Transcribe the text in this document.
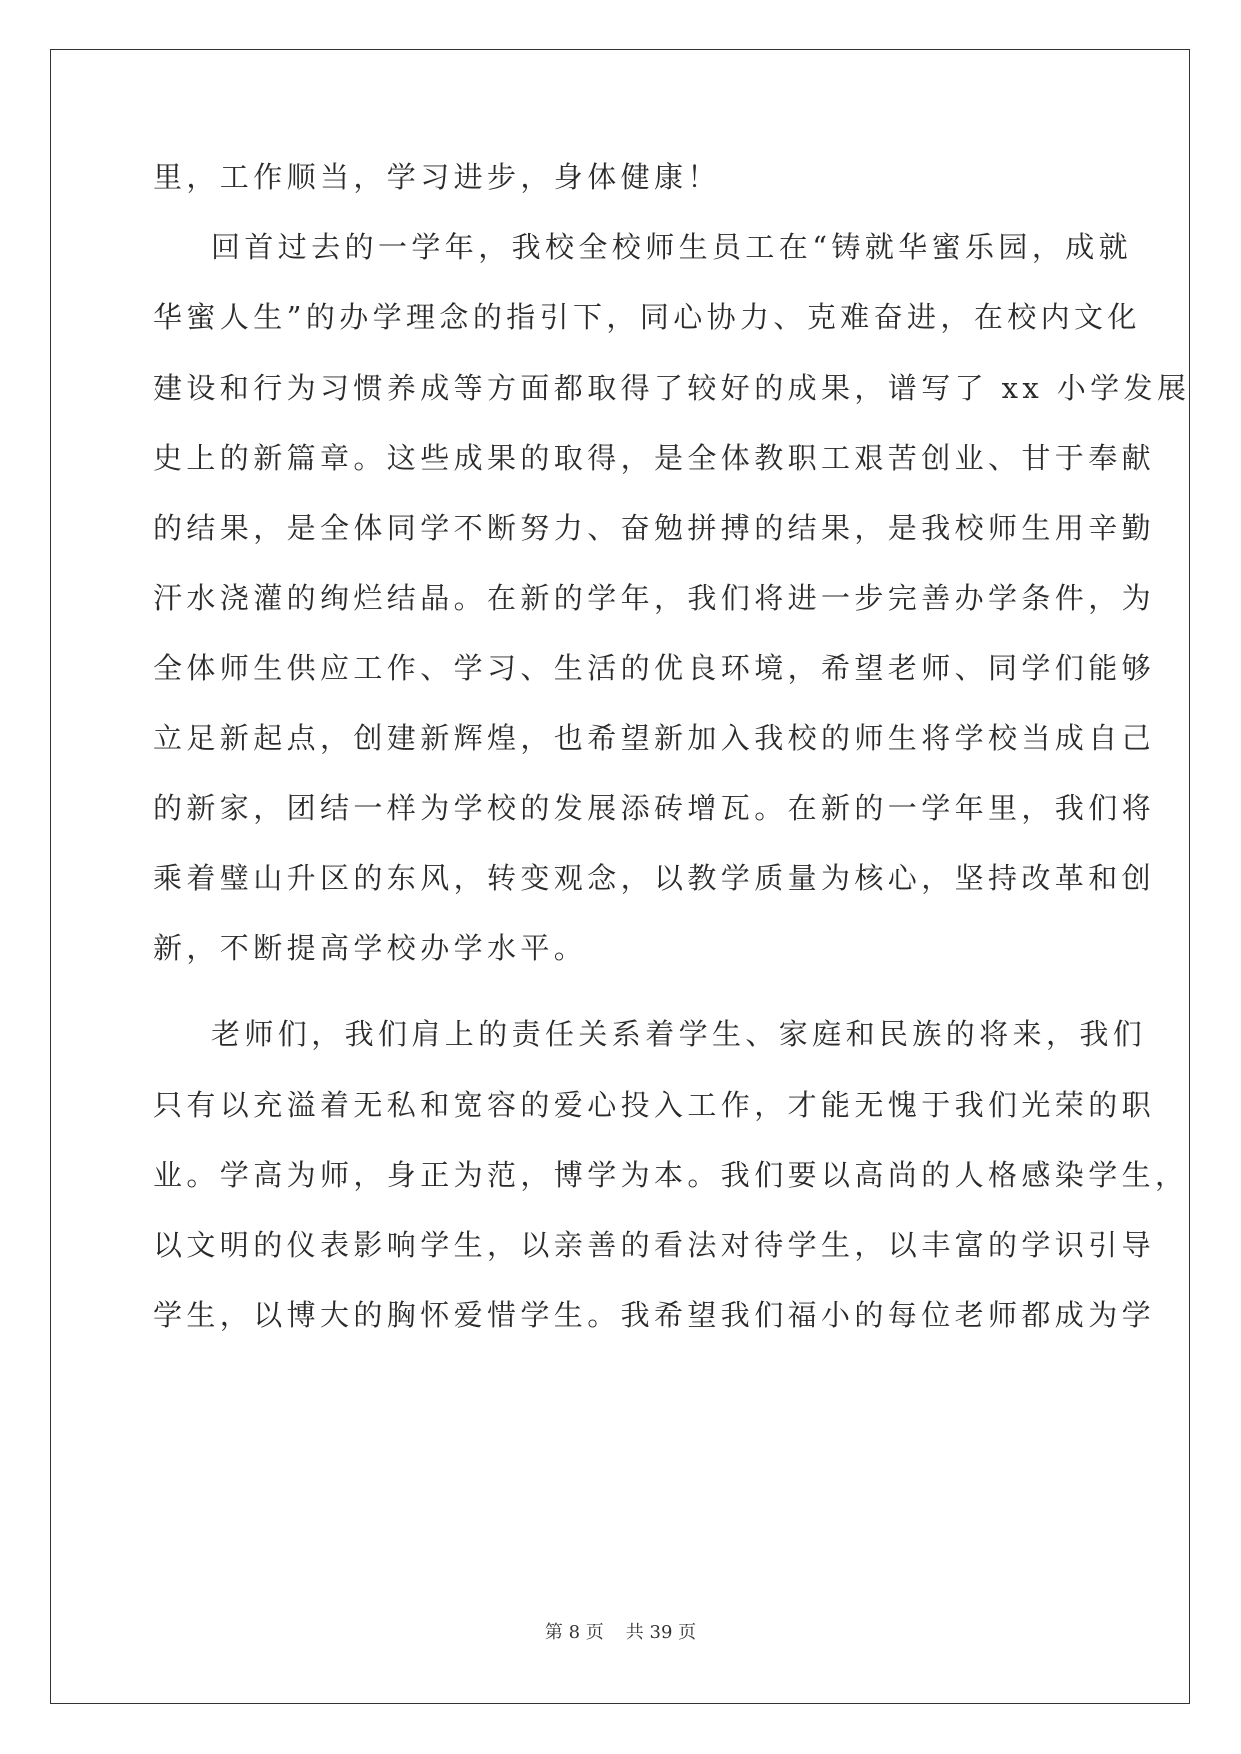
里，工作顺当，学习进步，身体健康！
回首过去的一学年，我校全校师生员工在“铸就华蜜乐园，成就
华蜜人生”的办学理念的指引下，同心协力、克难奋进，在校内文化
建设和行为习惯养成等方面都取得了较好的成果，谱写了 xx 小学发展
史上的新篇章。这些成果的取得，是全体教职工艰苦创业、甘于奉献
的结果，是全体同学不断努力、奋勉拼搏的结果，是我校师生用辛勤
汗水浇灌的绚烂结晶。在新的学年，我们将进一步完善办学条件，为
全体师生供应工作、学习、生活的优良环境，希望老师、同学们能够
立足新起点，创建新辉煌，也希望新加入我校的师生将学校当成自己
的新家，团结一样为学校的发展添砖增瓦。在新的一学年里，我们将
乘着璧山升区的东风，转变观念，以教学质量为核心，坚持改革和创
新，不断提高学校办学水平。
老师们，我们肩上的责任关系着学生、家庭和民族的将来，我们
只有以充溢着无私和宽容的爱心投入工作，才能无愧于我们光荣的职
业。学高为师，身正为范，博学为本。我们要以高尚的人格感染学生，
以文明的仪表影响学生，以亲善的看法对待学生，以丰富的学识引导
学生，以博大的胸怀爱惜学生。我希望我们福小的每位老师都成为学
第 8 页 共 39 页
